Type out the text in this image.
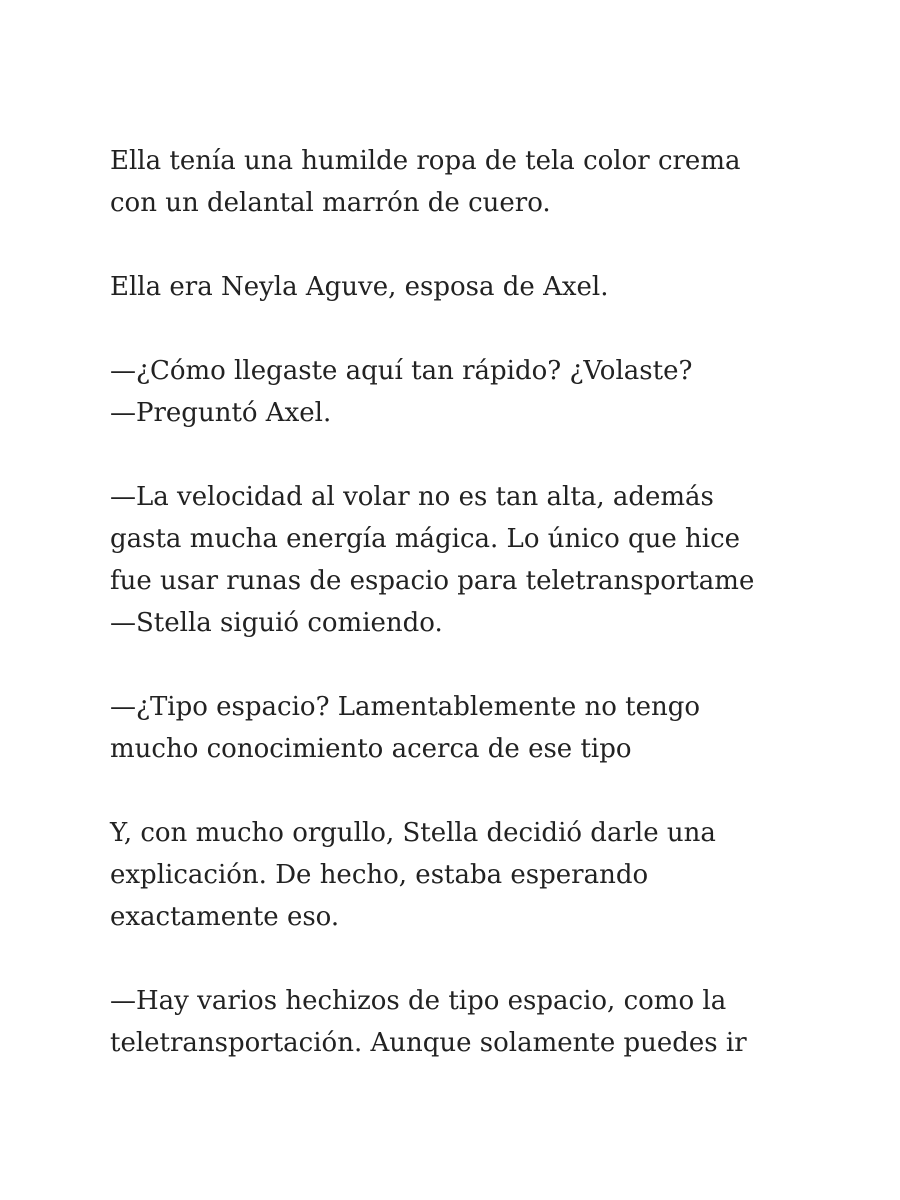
Ella tenía una humilde ropa de tela color crema
con un delantal marrón de cuero.

Ella era Neyla Aguve, esposa de Axel.

—¿Cómo llegaste aquí tan rápido? ¿Volaste?
—Preguntó Axel.

—La velocidad al volar no es tan alta, además
gasta mucha energía mágica. Lo único que hice
fue usar runas de espacio para teletransportame
—Stella siguió comiendo.

—¿Tipo espacio? Lamentablemente no tengo
mucho conocimiento acerca de ese tipo

Y, con mucho orgullo, Stella decidió darle una
explicación. De hecho, estaba esperando
exactamente eso.

—Hay varios hechizos de tipo espacio, como la
teletransportación. Aunque solamente puedes ir
